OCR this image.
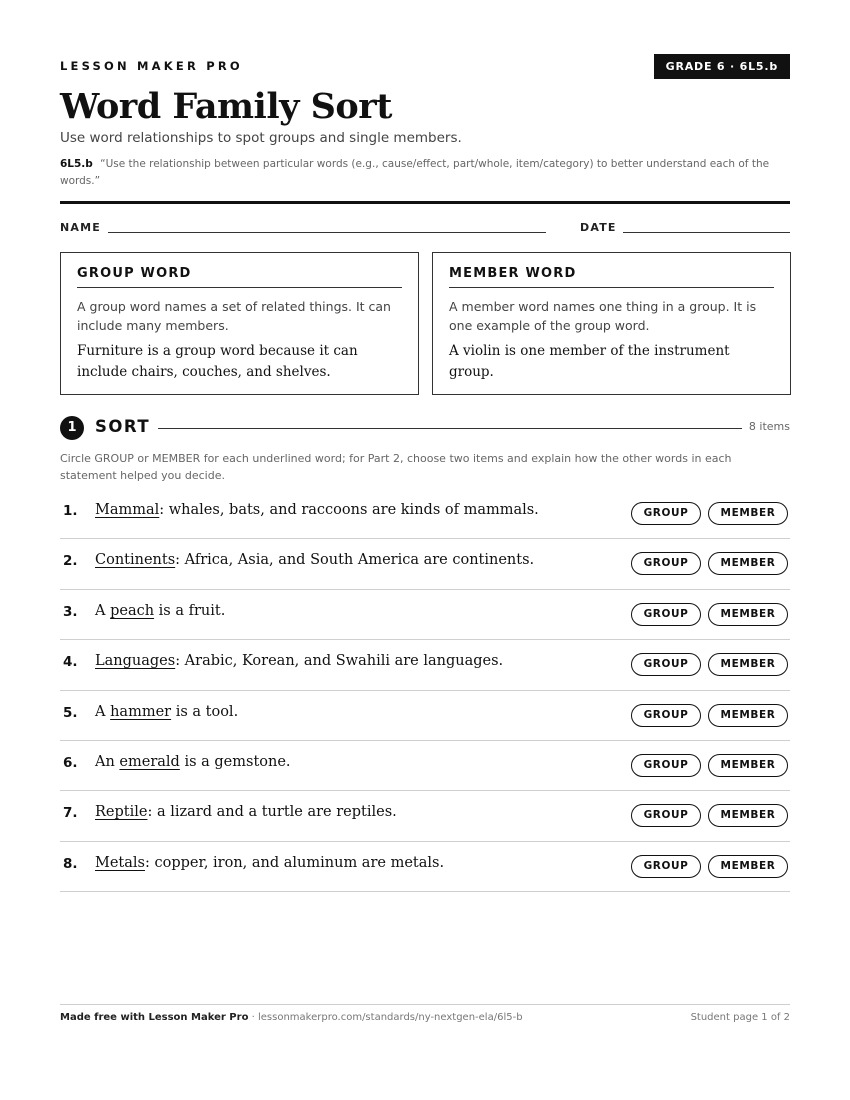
LESSON MAKER PRO	GRADE 6 · 6L5.b
Word Family Sort
Use word relationships to spot groups and single members.
6L5.b “Use the relationship between particular words (e.g., cause/effect, part/whole, item/category) to better understand each of the words.”
NAME	DATE
GROUP WORD
A group word names a set of related things. It can include many members.
Furniture is a group word because it can include chairs, couches, and shelves.
MEMBER WORD
A member word names one thing in a group. It is one example of the group word.
A violin is one member of the instrument group.
1	SORT	8 items
Circle GROUP or MEMBER for each underlined word; for Part 2, choose two items and explain how the other words in each statement helped you decide.
1. Mammal: whales, bats, and raccoons are kinds of mammals.	GROUP	MEMBER
2. Continents: Africa, Asia, and South America are continents.	GROUP	MEMBER
3. A peach is a fruit.	GROUP	MEMBER
4. Languages: Arabic, Korean, and Swahili are languages.	GROUP	MEMBER
5. A hammer is a tool.	GROUP	MEMBER
6. An emerald is a gemstone.	GROUP	MEMBER
7. Reptile: a lizard and a turtle are reptiles.	GROUP	MEMBER
8. Metals: copper, iron, and aluminum are metals.	GROUP	MEMBER
Made free with Lesson Maker Pro · lessonmakerpro.com/standards/ny-nextgen-ela/6l5-b	Student page 1 of 2
